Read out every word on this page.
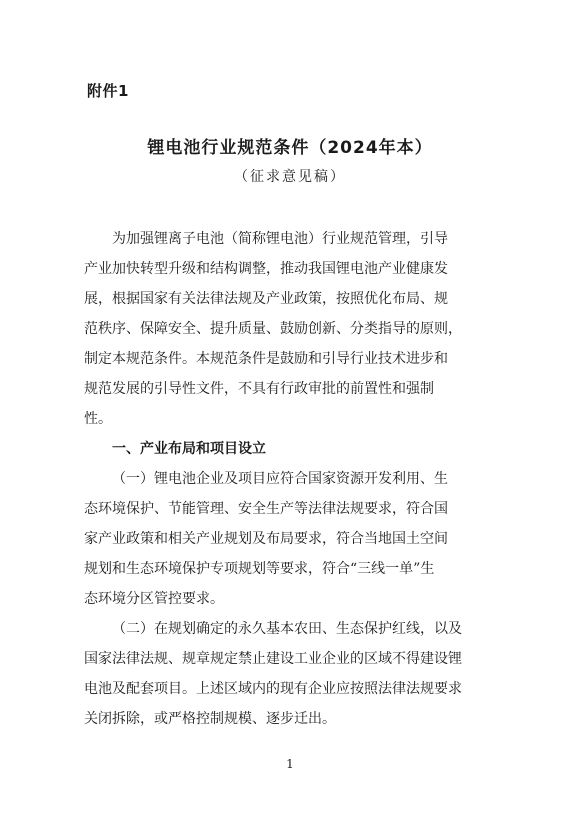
附件1
锂电池行业规范条件（2024年本）
（征求意见稿）
为加强锂离子电池（简称锂电池）行业规范管理，引导
产业加快转型升级和结构调整，推动我国锂电池产业健康发
展，根据国家有关法律法规及产业政策，按照优化布局、规
范秩序、保障安全、提升质量、鼓励创新、分类指导的原则，
制定本规范条件。本规范条件是鼓励和引导行业技术进步和
规范发展的引导性文件，不具有行政审批的前置性和强制
性。
一、产业布局和项目设立
（一）锂电池企业及项目应符合国家资源开发利用、生
态环境保护、节能管理、安全生产等法律法规要求，符合国
家产业政策和相关产业规划及布局要求，符合当地国土空间
规划和生态环境保护专项规划等要求，符合“三线一单”生
态环境分区管控要求。
（二）在规划确定的永久基本农田、生态保护红线，以及
国家法律法规、规章规定禁止建设工业企业的区域不得建设锂
电池及配套项目。上述区域内的现有企业应按照法律法规要求
关闭拆除，或严格控制规模、逐步迁出。
1
